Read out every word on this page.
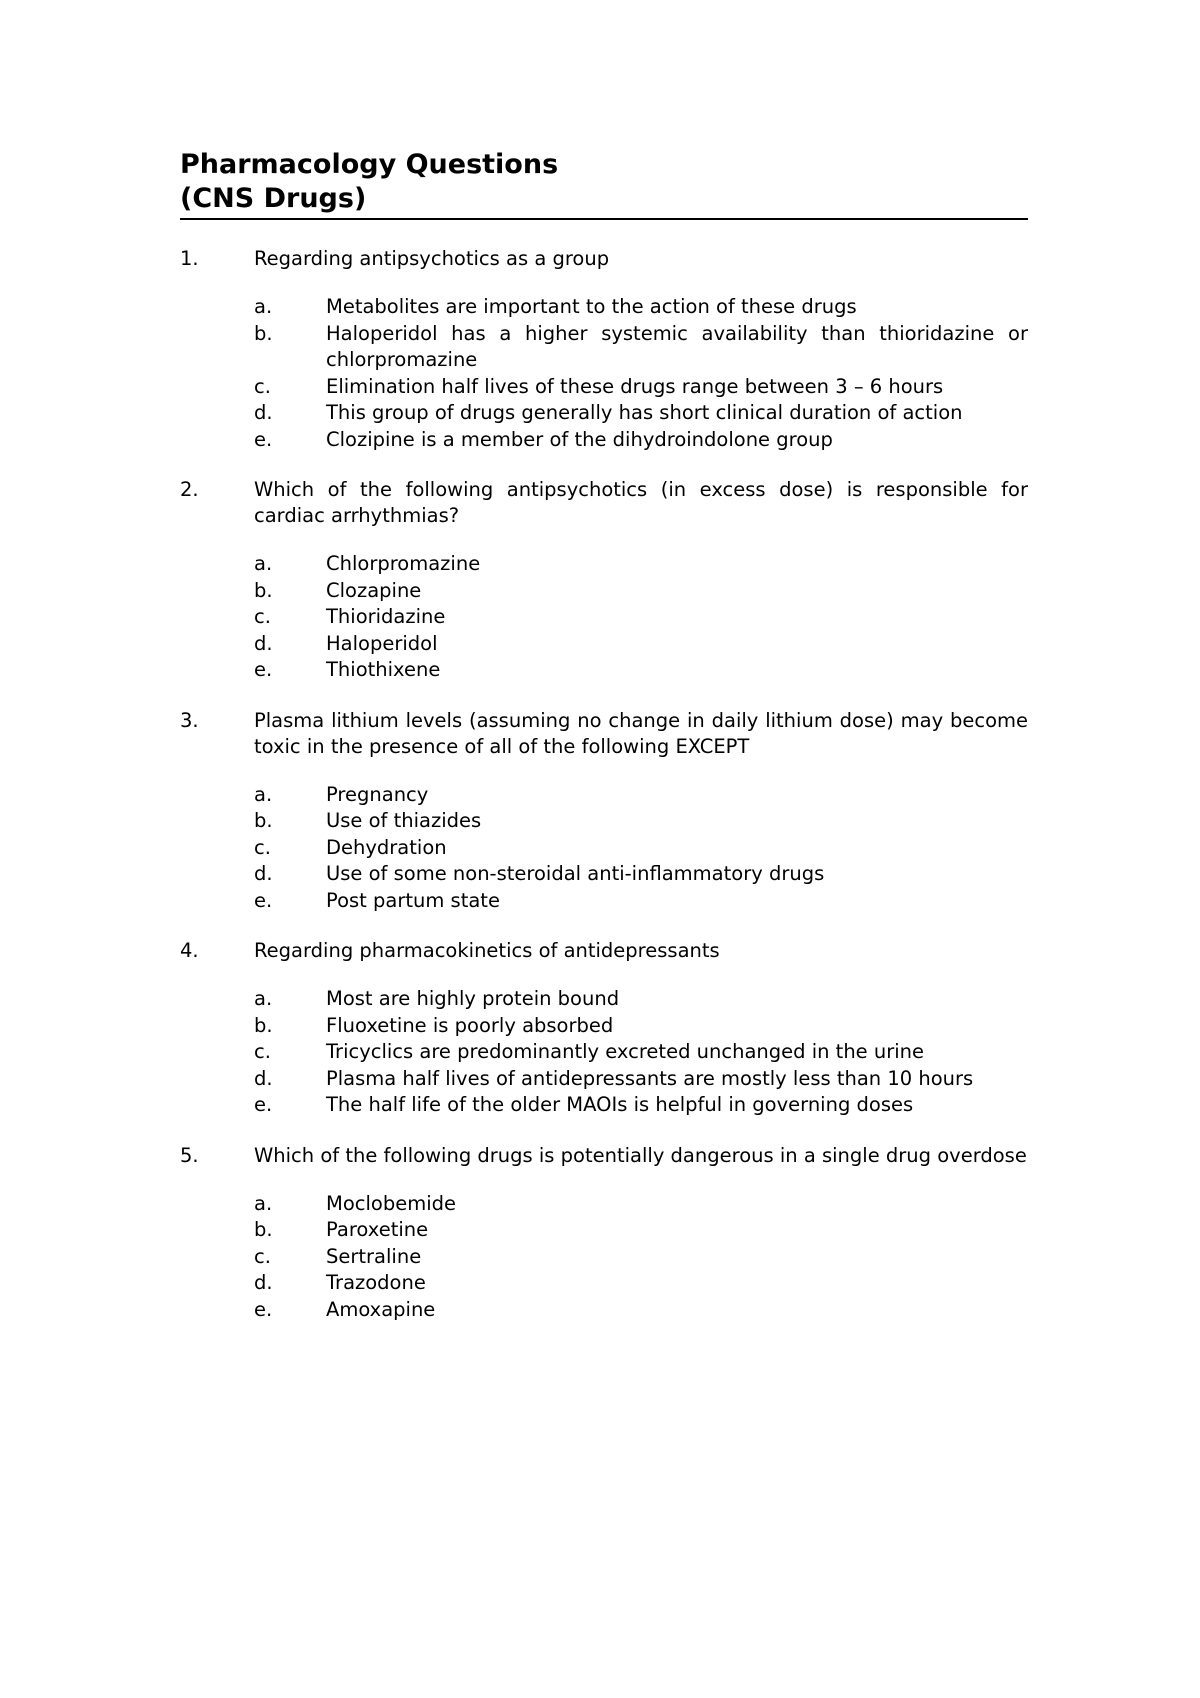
Pharmacology Questions
(CNS Drugs)
1.	Regarding antipsychotics as a group
a.	Metabolites are important to the action of these drugs
b.	Haloperidol has a higher systemic availability than thioridazine or chlorpromazine
c.	Elimination half lives of these drugs range between 3 – 6 hours
d.	This group of drugs generally has short clinical duration of action
e.	Clozipine is a member of the dihydroindolone group
2.	Which of the following antipsychotics (in excess dose) is responsible for cardiac arrhythmias?
a.	Chlorpromazine
b.	Clozapine
c.	Thioridazine
d.	Haloperidol
e.	Thiothixene
3.	Plasma lithium levels (assuming no change in daily lithium dose) may become toxic in the presence of all of the following EXCEPT
a.	Pregnancy
b.	Use of thiazides
c.	Dehydration
d.	Use of some non-steroidal anti-inflammatory drugs
e.	Post partum state
4.	Regarding pharmacokinetics of antidepressants
a.	Most are highly protein bound
b.	Fluoxetine is poorly absorbed
c.	Tricyclics are predominantly excreted unchanged in the urine
d.	Plasma half lives of antidepressants are mostly less than 10 hours
e.	The half life of the older MAOIs is helpful in governing doses
5.	Which of the following drugs is potentially dangerous in a single drug overdose
a.	Moclobemide
b.	Paroxetine
c.	Sertraline
d.	Trazodone
e.	Amoxapine
